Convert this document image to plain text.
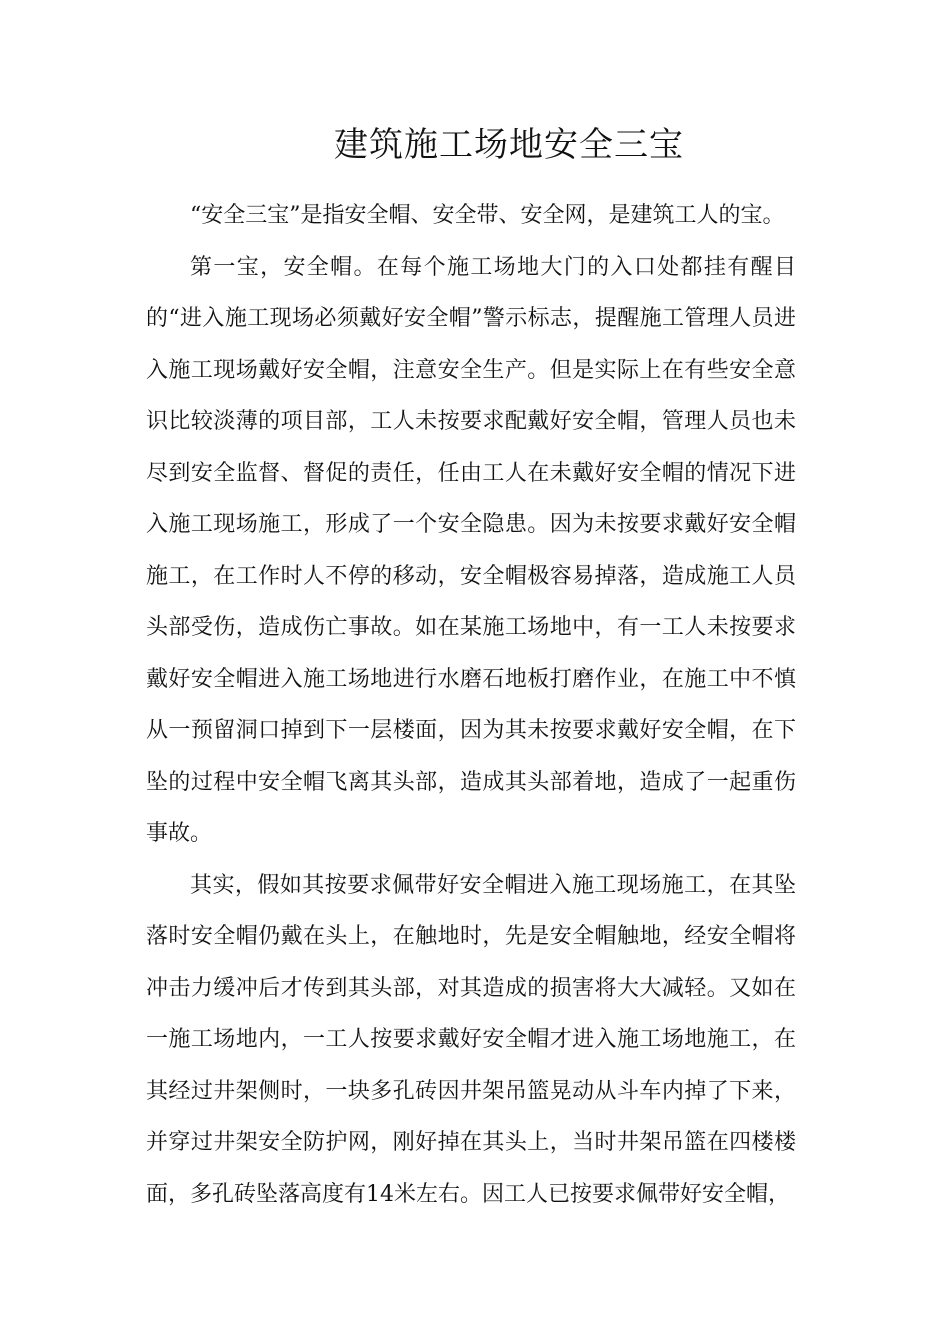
建筑施工场地安全三宝

“安全三宝”是指安全帽、安全带、安全网，是建筑工人的宝。

第一宝，安全帽。在每个施工场地大门的入口处都挂有醒目的“进入施工现场必须戴好安全帽”警示标志，提醒施工管理人员进入施工现场戴好安全帽，注意安全生产。但是实际上在有些安全意识比较淡薄的项目部，工人未按要求配戴好安全帽，管理人员也未尽到安全监督、督促的责任，任由工人在未戴好安全帽的情况下进入施工现场施工，形成了一个安全隐患。因为未按要求戴好安全帽施工，在工作时人不停的移动，安全帽极容易掉落，造成施工人员头部受伤，造成伤亡事故。如在某施工场地中，有一工人未按要求戴好安全帽进入施工场地进行水磨石地板打磨作业，在施工中不慎从一预留洞口掉到下一层楼面，因为其未按要求戴好安全帽，在下坠的过程中安全帽飞离其头部，造成其头部着地，造成了一起重伤事故。

其实，假如其按要求佩带好安全帽进入施工现场施工，在其坠落时安全帽仍戴在头上，在触地时，先是安全帽触地，经安全帽将冲击力缓冲后才传到其头部，对其造成的损害将大大减轻。又如在一施工场地内，一工人按要求戴好安全帽才进入施工场地施工，在其经过井架侧时，一块多孔砖因井架吊篮晃动从斗车内掉了下来，并穿过井架安全防护网，刚好掉在其头上，当时井架吊篮在四楼楼面，多孔砖坠落高度有14米左右。因工人已按要求佩带好安全帽，
